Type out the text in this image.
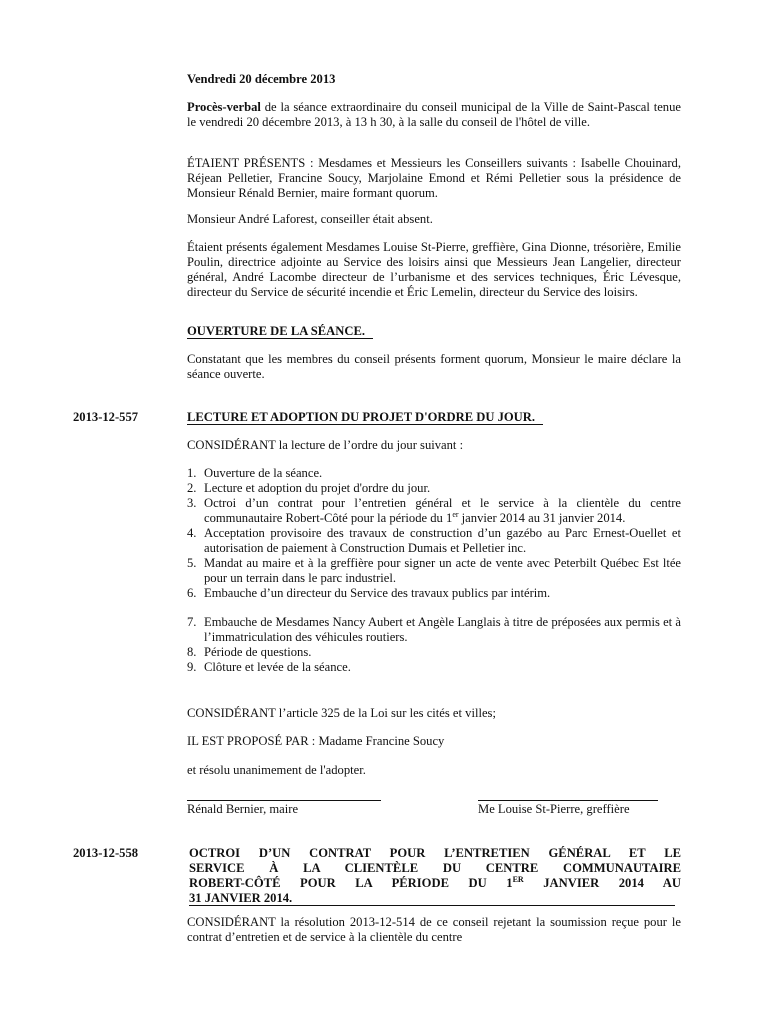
Vendredi 20 décembre 2013

Procès-verbal de la séance extraordinaire du conseil municipal de la Ville de Saint-Pascal tenue le vendredi 20 décembre 2013, à 13 h 30, à la salle du conseil de l'hôtel de ville.

ÉTAIENT PRÉSENTS : Mesdames et Messieurs les Conseillers suivants : Isabelle Chouinard, Réjean Pelletier, Francine Soucy, Marjolaine Emond et Rémi Pelletier sous la présidence de Monsieur Rénald Bernier, maire formant quorum.

Monsieur André Laforest, conseiller était absent.

Étaient présents également Mesdames Louise St-Pierre, greffière, Gina Dionne, trésorière, Emilie Poulin, directrice adjointe au Service des loisirs ainsi que Messieurs Jean Langelier, directeur général, André Lacombe directeur de l’urbanisme et des services techniques, Éric Lévesque, directeur du Service de sécurité incendie et Éric Lemelin, directeur du Service des loisirs.

OUVERTURE DE LA SÉANCE.

Constatant que les membres du conseil présents forment quorum, Monsieur le maire déclare la séance ouverte.

2013-12-557	LECTURE ET ADOPTION DU PROJET D'ORDRE DU JOUR.

CONSIDÉRANT la lecture de l’ordre du jour suivant :

1. Ouverture de la séance.
2. Lecture et adoption du projet d'ordre du jour.
3. Octroi d’un contrat pour l’entretien général et le service à la clientèle du centre communautaire Robert-Côté pour la période du 1er janvier 2014 au 31 janvier 2014.
4. Acceptation provisoire des travaux de construction d’un gazébo au Parc Ernest-Ouellet et autorisation de paiement à Construction Dumais et Pelletier inc.
5. Mandat au maire et à la greffière pour signer un acte de vente avec Peterbilt Québec Est ltée pour un terrain dans le parc industriel.
6. Embauche d’un directeur du Service des travaux publics par intérim.
7. Embauche de Mesdames Nancy Aubert et Angèle Langlais à titre de préposées aux permis et à l’immatriculation des véhicules routiers.
8. Période de questions.
9. Clôture et levée de la séance.

CONSIDÉRANT l’article 325 de la Loi sur les cités et villes;

IL EST PROPOSÉ PAR : Madame Francine Soucy

et résolu unanimement de l'adopter.

Rénald Bernier, maire	Me Louise St-Pierre, greffière
2013-12-558	OCTROI D’UN CONTRAT POUR L’ENTRETIEN GÉNÉRAL ET LE
SERVICE À LA CLIENTÈLE DU CENTRE COMMUNAUTAIRE
ROBERT-CÔTÉ POUR LA PÉRIODE DU 1ER JANVIER 2014 AU
31 JANVIER 2014.

CONSIDÉRANT la résolution 2013-12-514 de ce conseil rejetant la soumission reçue pour le contrat d’entretien et de service à la clientèle du centre
